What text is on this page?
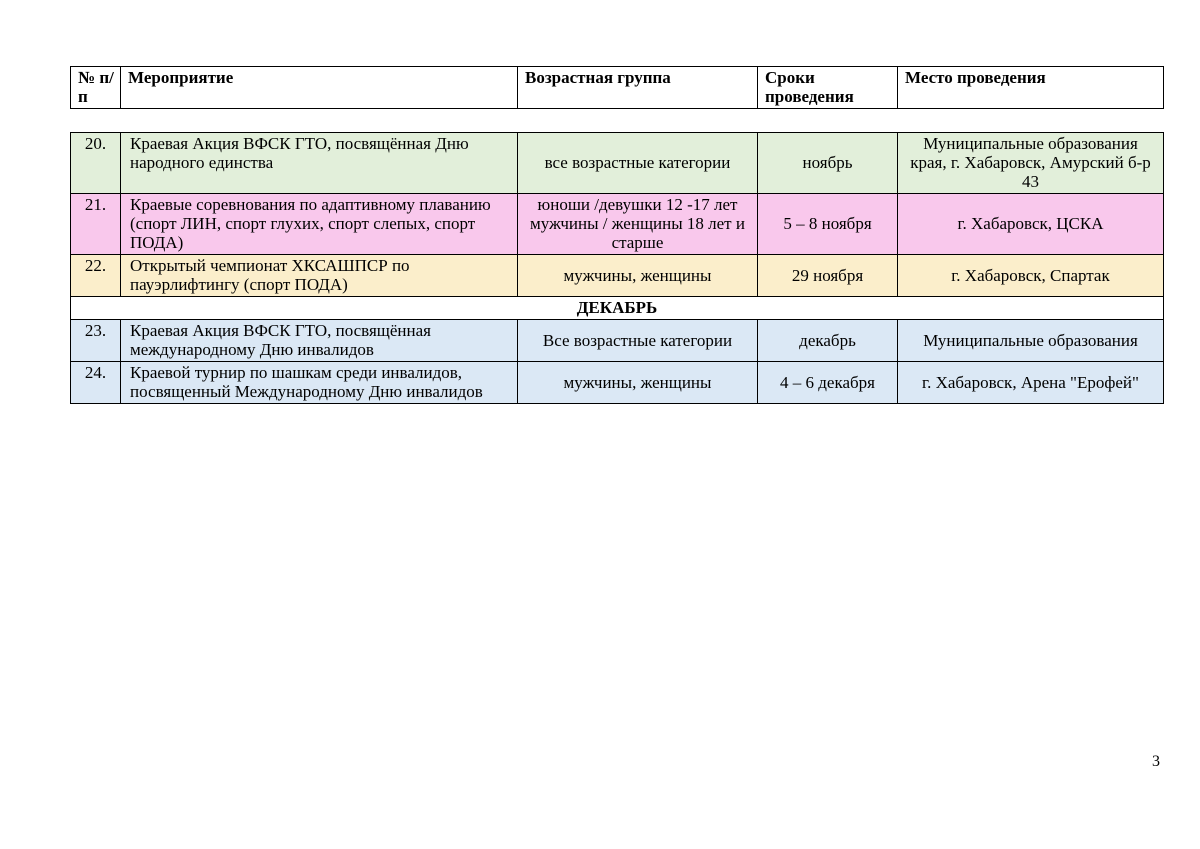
№ п/п	Мероприятие	Возрастная группа	Сроки проведения	Место проведения
20.	Краевая Акция ВФСК ГТО, посвящённая Дню народного единства	все возрастные категории	ноябрь	Муниципальные образования края, г. Хабаровск, Амурский б-р 43
21.	Краевые соревнования по адаптивному плаванию (спорт ЛИН, спорт глухих, спорт слепых, спорт ПОДА)	юноши /девушки 12 -17 лет мужчины / женщины 18 лет и старше	5 – 8 ноября	г. Хабаровск, ЦСКА
22.	Открытый чемпионат ХКСАШПСР по пауэрлифтингу (спорт ПОДА)	мужчины, женщины	29 ноября	г. Хабаровск, Спартак
ДЕКАБРЬ				
23.	Краевая Акция ВФСК ГТО, посвящённая международному Дню инвалидов	Все возрастные категории	декабрь	Муниципальные образования
24.	Краевой турнир по шашкам среди инвалидов, посвященный Международному Дню инвалидов	мужчины, женщины	4 – 6 декабря	г. Хабаровск, Арена "Ерофей"
3
